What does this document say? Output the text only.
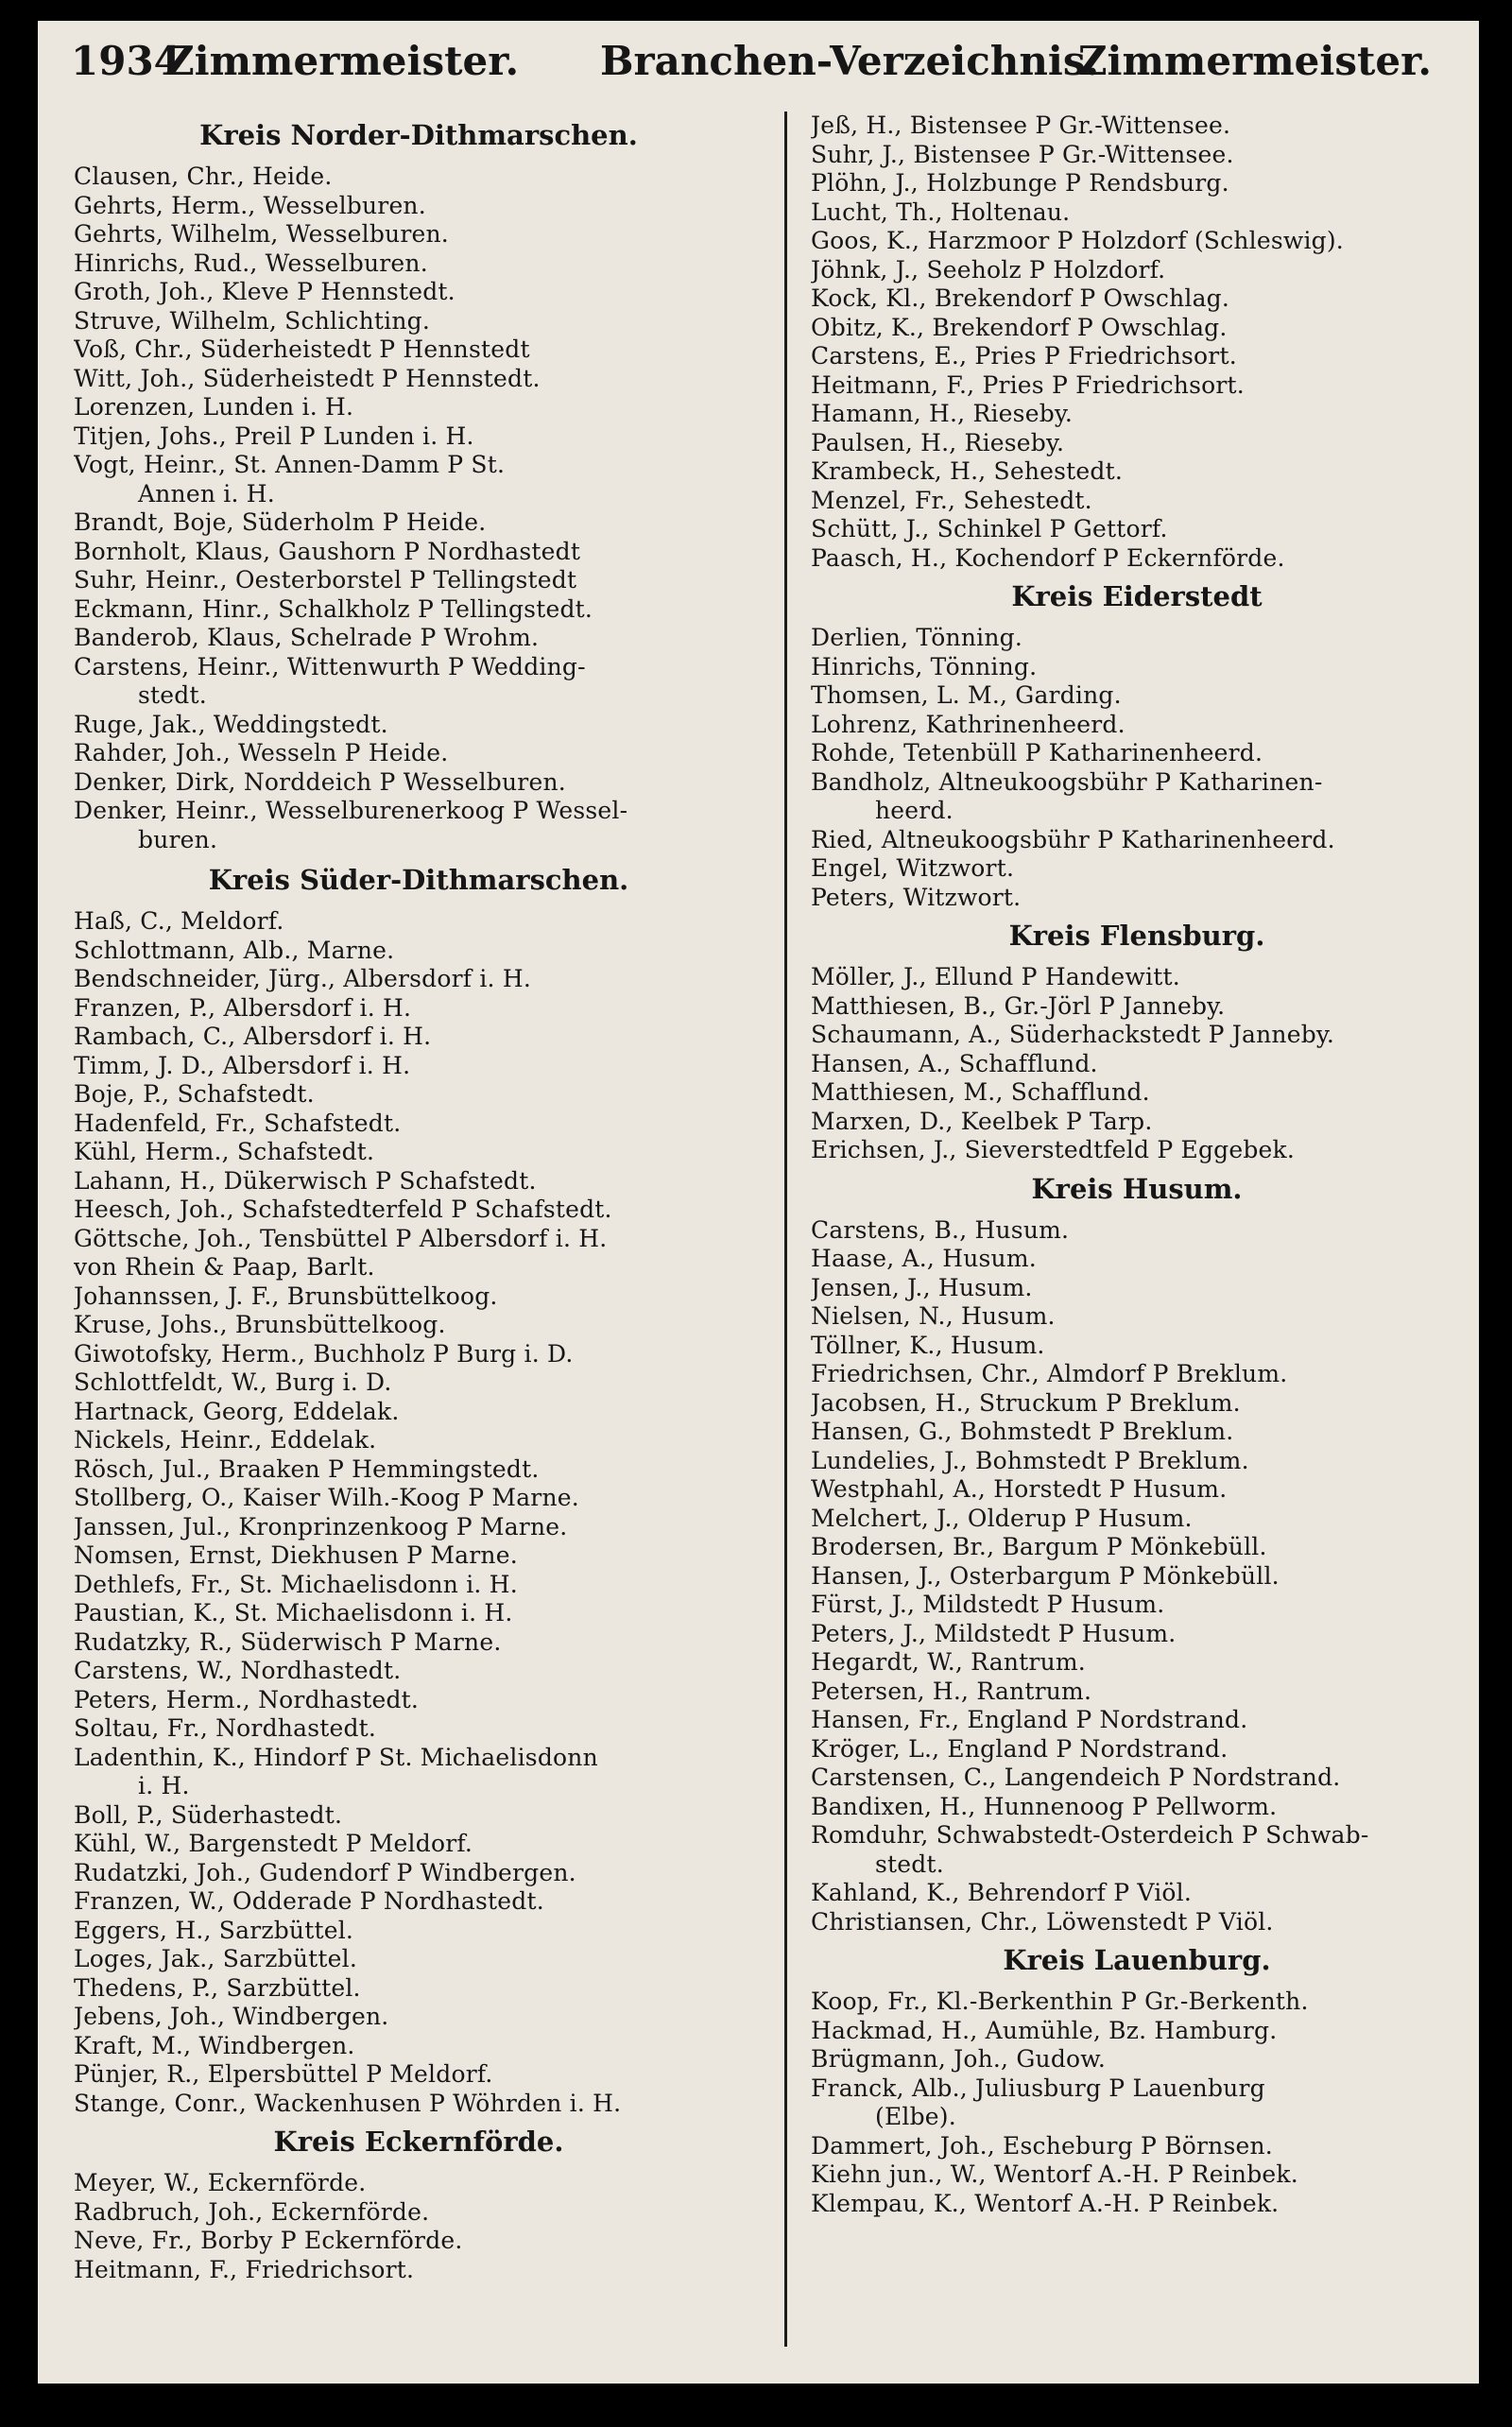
1934
Zimmermeister. Branchen-Verzeichnis.
Zimmermeister.
Kreis Norder-Dithmarschen.
Clausen, Chr., Heide.
Gehrts, Herm., Wesselburen.
Gehrts, Wilhelm, Wesselburen.
Hinrichs, Rud., Wesselburen.
Groth, Joh., Kleve P Hennstedt.
Struve, Wilhelm, Schlichting.
Voß, Chr., Süderheistedt P Hennstedt
Witt, Joh., Süderheistedt P Hennstedt.
Lorenzen, Lunden i. H.
Titjen, Johs., Preil P Lunden i. H.
Vogt, Heinr., St. Annen-Damm P St.
Annen i. H.
Brandt, Boje, Süderholm P Heide.
Bornholt, Klaus, Gaushorn P Nordhastedt
Suhr, Heinr., Oesterborstel P Tellingstedt
Eckmann, Hinr., Schalkholz P Tellingstedt.
Banderob, Klaus, Schelrade P Wrohm.
Carstens, Heinr., Wittenwurth P Wedding-
stedt.
Ruge, Jak., Weddingstedt.
Rahder, Joh., Wesseln P Heide.
Denker, Dirk, Norddeich P Wesselburen.
Denker, Heinr., Wesselburenerkoog P Wessel-
buren.
Kreis Süder-Dithmarschen.
Haß, C., Meldorf.
Schlottmann, Alb., Marne.
Bendschneider, Jürg., Albersdorf i. H.
Franzen, P., Albersdorf i. H.
Rambach, C., Albersdorf i. H.
Timm, J. D., Albersdorf i. H.
Boje, P., Schafstedt.
Hadenfeld, Fr., Schafstedt.
Kühl, Herm., Schafstedt.
Lahann, H., Dükerwisch P Schafstedt.
Heesch, Joh., Schafstedterfeld P Schafstedt.
Göttsche, Joh., Tensbüttel P Albersdorf i. H.
von Rhein & Paap, Barlt.
Johannssen, J. F., Brunsbüttelkoog.
Kruse, Johs., Brunsbüttelkoog.
Giwotofsky, Herm., Buchholz P Burg i. D.
Schlottfeldt, W., Burg i. D.
Hartnack, Georg, Eddelak.
Nickels, Heinr., Eddelak.
Rösch, Jul., Braaken P Hemmingstedt.
Stollberg, O., Kaiser Wilh.-Koog P Marne.
Janssen, Jul., Kronprinzenkoog P Marne.
Nomsen, Ernst, Diekhusen P Marne.
Dethlefs, Fr., St. Michaelisdonn i. H.
Paustian, K., St. Michaelisdonn i. H.
Rudatzky, R., Süderwisch P Marne.
Carstens, W., Nordhastedt.
Peters, Herm., Nordhastedt.
Soltau, Fr., Nordhastedt.
Ladenthin, K., Hindorf P St. Michaelisdonn
i. H.
Boll, P., Süderhastedt.
Kühl, W., Bargenstedt P Meldorf.
Rudatzki, Joh., Gudendorf P Windbergen.
Franzen, W., Odderade P Nordhastedt.
Eggers, H., Sarzbüttel.
Loges, Jak., Sarzbüttel.
Thedens, P., Sarzbüttel.
Jebens, Joh., Windbergen.
Kraft, M., Windbergen.
Pünjer, R., Elpersbüttel P Meldorf.
Stange, Conr., Wackenhusen P Wöhrden i. H.
Kreis Eckernförde.
Meyer, W., Eckernförde.
Radbruch, Joh., Eckernförde.
Neve, Fr., Borby P Eckernförde.
Heitmann, F., Friedrichsort.
Jeß, H., Bistensee P Gr.-Wittensee.
Suhr, J., Bistensee P Gr.-Wittensee.
Plöhn, J., Holzbunge P Rendsburg.
Lucht, Th., Holtenau.
Goos, K., Harzmoor P Holzdorf (Schleswig).
Jöhnk, J., Seeholz P Holzdorf.
Kock, Kl., Brekendorf P Owschlag.
Obitz, K., Brekendorf P Owschlag.
Carstens, E., Pries P Friedrichsort.
Heitmann, F., Pries P Friedrichsort.
Hamann, H., Rieseby.
Paulsen, H., Rieseby.
Krambeck, H., Sehestedt.
Menzel, Fr., Sehestedt.
Schütt, J., Schinkel P Gettorf.
Paasch, H., Kochendorf P Eckernförde.
Kreis Eiderstedt
Derlien, Tönning.
Hinrichs, Tönning.
Thomsen, L. M., Garding.
Lohrenz, Kathrinenheerd.
Rohde, Tetenbüll P Katharinenheerd.
Bandholz, Altneukoogsbühr P Katharinen-
heerd.
Ried, Altneukoogsbühr P Katharinenheerd.
Engel, Witzwort.
Peters, Witzwort.
Kreis Flensburg.
Möller, J., Ellund P Handewitt.
Matthiesen, B., Gr.-Jörl P Janneby.
Schaumann, A., Süderhackstedt P Janneby.
Hansen, A., Schafflund.
Matthiesen, M., Schafflund.
Marxen, D., Keelbek P Tarp.
Erichsen, J., Sieverstedtfeld P Eggebek.
Kreis Husum.
Carstens, B., Husum.
Haase, A., Husum.
Jensen, J., Husum.
Nielsen, N., Husum.
Töllner, K., Husum.
Friedrichsen, Chr., Almdorf P Breklum.
Jacobsen, H., Struckum P Breklum.
Hansen, G., Bohmstedt P Breklum.
Lundelies, J., Bohmstedt P Breklum.
Westphahl, A., Horstedt P Husum.
Melchert, J., Olderup P Husum.
Brodersen, Br., Bargum P Mönkebüll.
Hansen, J., Osterbargum P Mönkebüll.
Fürst, J., Mildstedt P Husum.
Peters, J., Mildstedt P Husum.
Hegardt, W., Rantrum.
Petersen, H., Rantrum.
Hansen, Fr., England P Nordstrand.
Kröger, L., England P Nordstrand.
Carstensen, C., Langendeich P Nordstrand.
Bandixen, H., Hunnenoog P Pellworm.
Romduhr, Schwabstedt-Osterdeich P Schwab-
stedt.
Kahland, K., Behrendorf P Viöl.
Christiansen, Chr., Löwenstedt P Viöl.
Kreis Lauenburg.
Koop, Fr., Kl.-Berkenthin P Gr.-Berkenth.
Hackmad, H., Aumühle, Bz. Hamburg.
Brügmann, Joh., Gudow.
Franck, Alb., Juliusburg P Lauenburg
(Elbe).
Dammert, Joh., Escheburg P Börnsen.
Kiehn jun., W., Wentorf A.-H. P Reinbek.
Klempau, K., Wentorf A.-H. P Reinbek.
